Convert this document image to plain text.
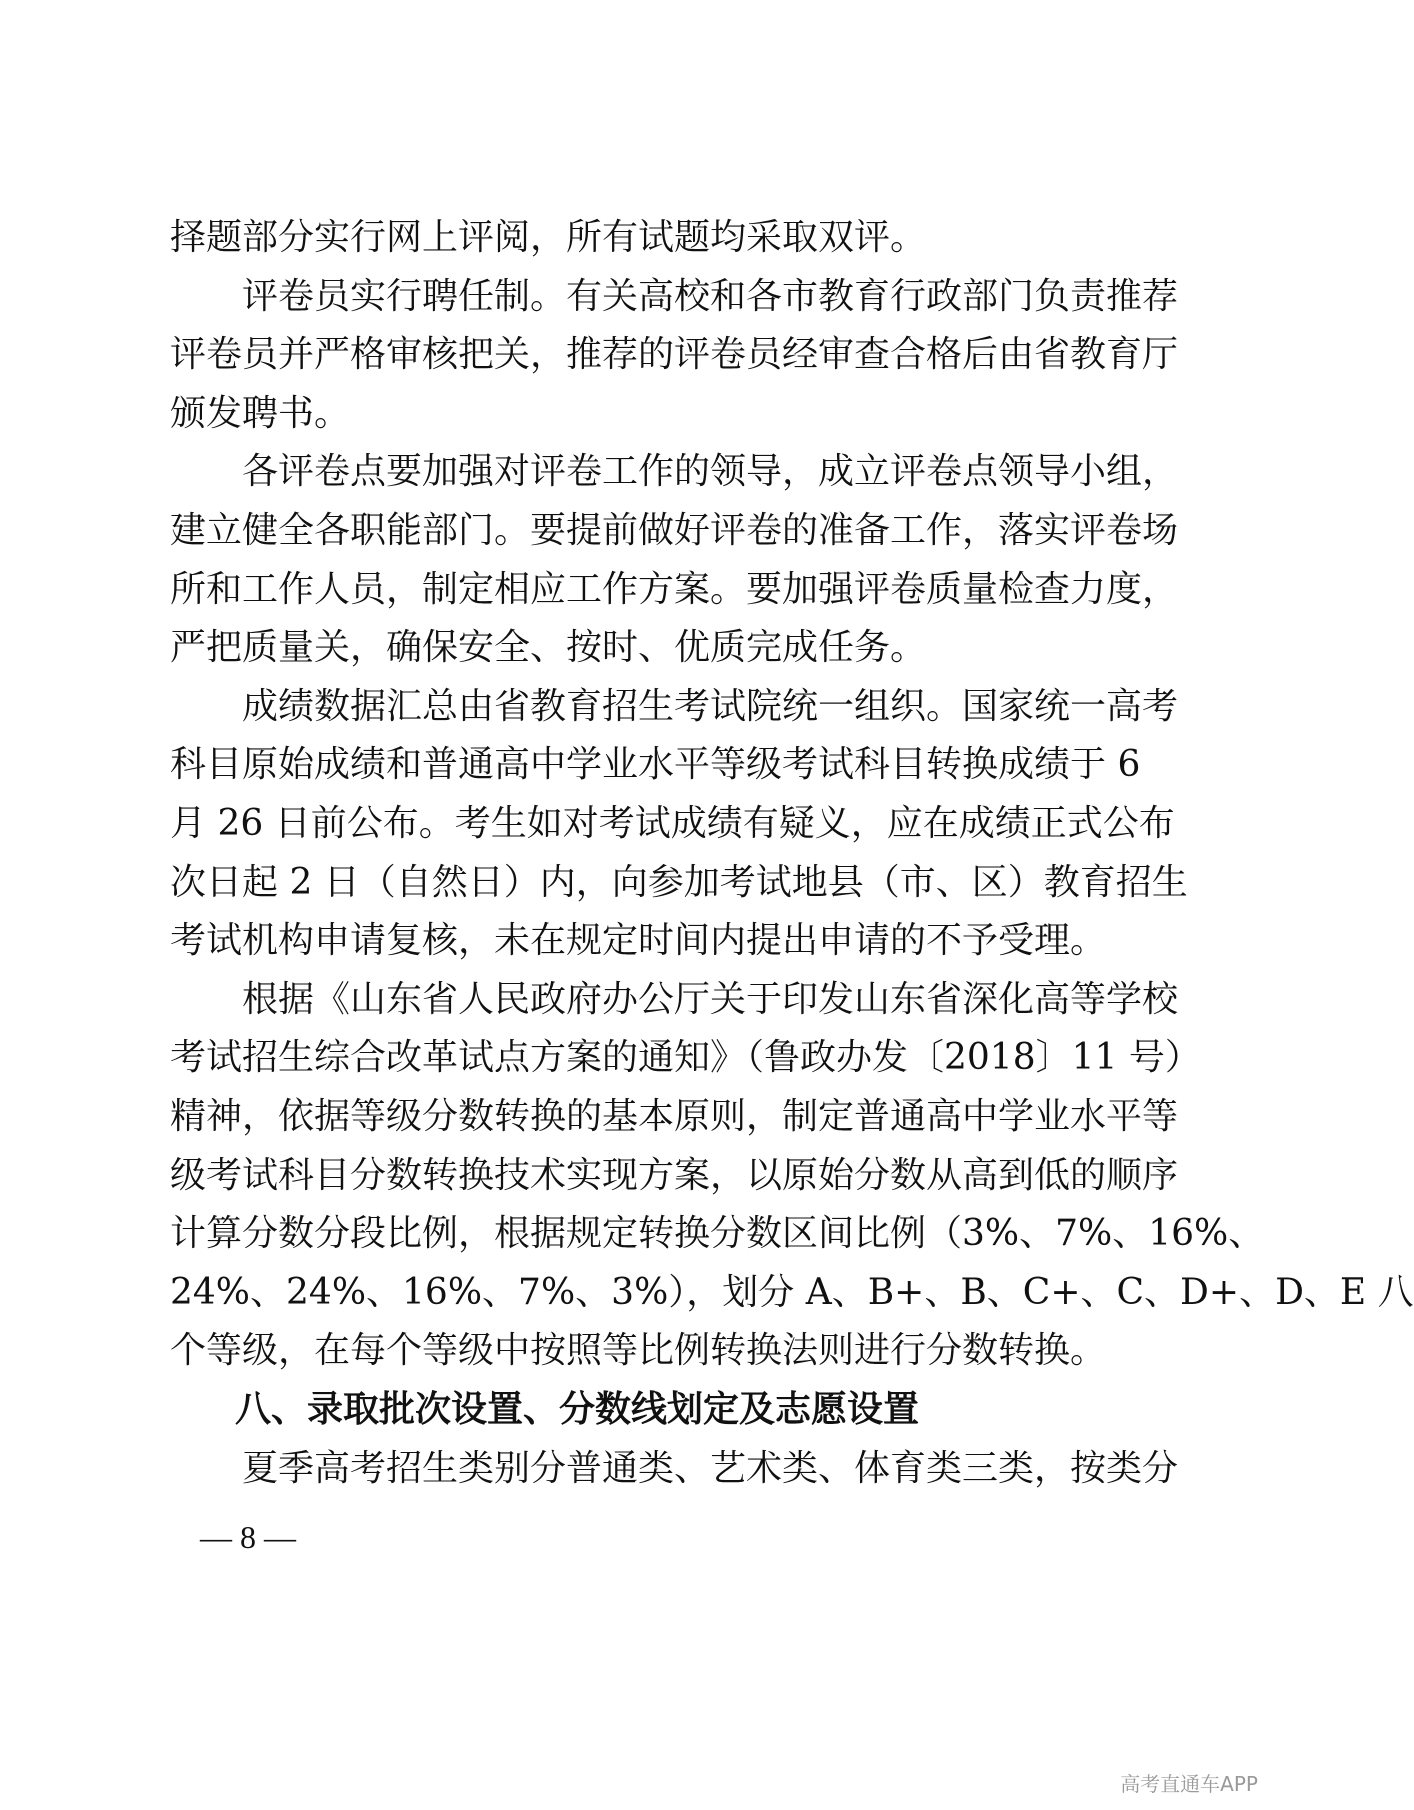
择题部分实行网上评阅，所有试题均采取双评。
评卷员实行聘任制。有关高校和各市教育行政部门负责推荐
评卷员并严格审核把关，推荐的评卷员经审查合格后由省教育厅
颁发聘书。
各评卷点要加强对评卷工作的领导，成立评卷点领导小组，
建立健全各职能部门。要提前做好评卷的准备工作，落实评卷场
所和工作人员，制定相应工作方案。要加强评卷质量检查力度，
严把质量关，确保安全、按时、优质完成任务。
成绩数据汇总由省教育招生考试院统一组织。国家统一高考
科目原始成绩和普通高中学业水平等级考试科目转换成绩于 6
月 26 日前公布。考生如对考试成绩有疑义，应在成绩正式公布
次日起 2 日（自然日）内，向参加考试地县（市、区）教育招生
考试机构申请复核，未在规定时间内提出申请的不予受理。
根据《山东省人民政府办公厅关于印发山东省深化高等学校
考试招生综合改革试点方案的通知》（鲁政办发〔2018〕11 号）
精神，依据等级分数转换的基本原则，制定普通高中学业水平等
级考试科目分数转换技术实现方案，以原始分数从高到低的顺序
计算分数分段比例，根据规定转换分数区间比例（3%、7%、16%、
24%、24%、16%、7%、3%），划分 A、B+、B、C+、C、D+、D、E 八
个等级，在每个等级中按照等比例转换法则进行分数转换。
八、录取批次设置、分数线划定及志愿设置
夏季高考招生类别分普通类、艺术类、体育类三类，按类分
— 8 —
高考直通车APP
